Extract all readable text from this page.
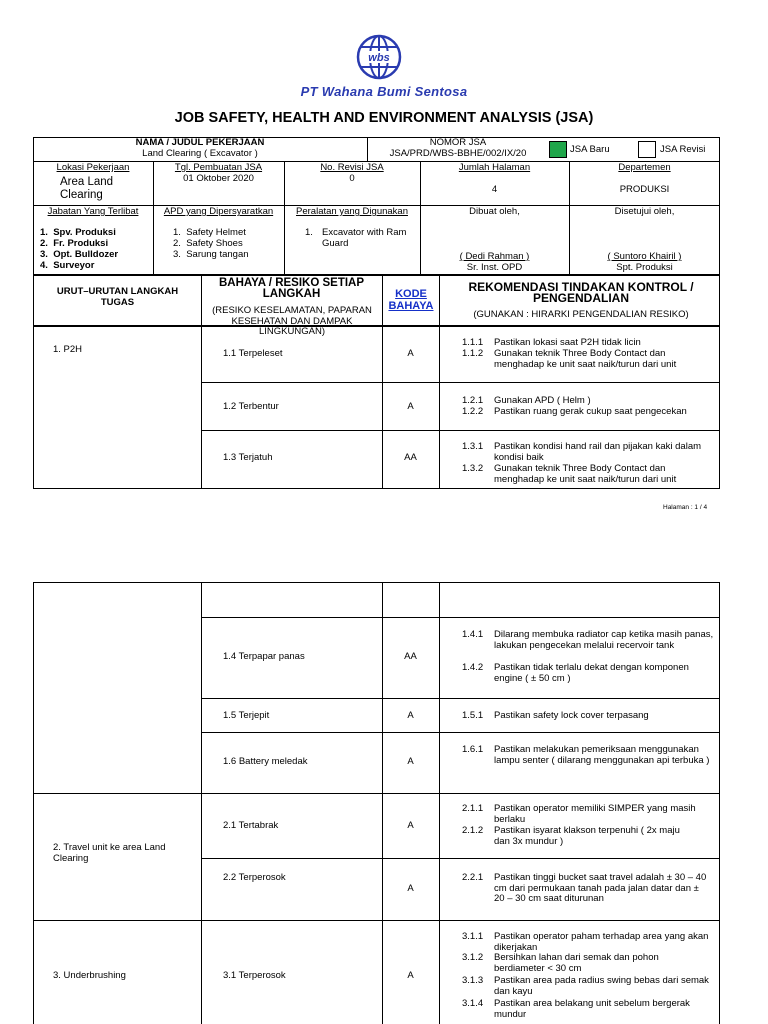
wbs
PT Wahana Bumi Sentosa
JOB SAFETY, HEALTH AND ENVIRONMENT ANALYSIS (JSA)
NAMA / JUDUL PEKERJAAN
Land Clearing ( Excavator )
NOMOR JSA
JSA/PRD/WBS-BBHE/002/IX/20	JSA Baru	JSA Revisi
Lokasi Pekerjaan
Area Land Clearing
Tgl. Pembuatan JSA
01 Oktober 2020
No. Revisi JSA
0
Jumlah Halaman
4
Departemen
PRODUKSI
Jabatan Yang Terlibat
1.  Spv. Produksi
2.  Fr. Produksi
3.  Opt. Bulldozer
4.  Surveyor
APD yang Dipersyaratkan
1.  Safety Helmet
2.  Safety Shoes
3.  Sarung tangan
Peralatan yang Digunakan
1. Excavator with Ram Guard
Dibuat oleh,
( Dedi Rahman )
Sr. Inst. OPD
Disetujui oleh,
( Suntoro Khairil )
Spt. Produksi
URUT–URUTAN LANGKAH TUGAS
BAHAYA / RESIKO SETIAP LANGKAH
(RESIKO KESELAMATAN, PAPARAN KESEHATAN DAN DAMPAK LINGKUNGAN)
KODE BAHAYA
REKOMENDASI TINDAKAN KONTROL / PENGENDALIAN
(GUNAKAN : HIRARKI PENGENDALIAN RESIKO)
1. P2H	1.1 Terpeleset	A
1.1.1 Pastikan lokasi saat P2H tidak licin
1.1.2 Gunakan teknik Three Body Contact dan menghadap ke unit saat naik/turun dari unit
1.2 Terbentur	A
1.2.1 Gunakan APD ( Helm )
1.2.2 Pastikan ruang gerak cukup saat pengecekan
1.3 Terjatuh	AA
1.3.1 Pastikan kondisi hand rail dan pijakan kaki dalam kondisi baik
1.3.2 Gunakan teknik Three Body Contact dan menghadap ke unit saat naik/turun dari unit
Halaman : 1 / 4
1.4 Terpapar panas	AA
1.4.1 Dilarang membuka radiator cap ketika masih panas, lakukan pengecekan melalui recervoir tank
1.4.2 Pastikan tidak terlalu dekat dengan komponen engine ( ± 50 cm )
1.5 Terjepit	A	1.5.1 Pastikan safety lock cover terpasang
1.6 Battery meledak	A
1.6.1 Pastikan melakukan pemeriksaan menggunakan lampu senter ( dilarang menggunakan api terbuka )
2. Travel unit ke area Land Clearing
2.1 Tertabrak	A
2.1.1 Pastikan operator memiliki SIMPER yang masih berlaku
2.1.2 Pastikan isyarat klakson terpenuhi ( 2x maju dan 3x mundur )
2.2 Terperosok
A
2.2.1 Pastikan tinggi bucket saat travel adalah ± 30 – 40 cm dari permukaan tanah pada jalan datar dan ± 20 – 30 cm saat diturunan
3. Underbrushing	3.1 Terperosok	A
3.1.1 Pastikan operator paham terhadap area yang akan dikerjakan
3.1.2 Bersihkan lahan dari semak dan pohon berdiameter < 30 cm
3.1.3 Pastikan area pada radius swing bebas dari semak dan kayu
3.1.4 Pastikan area belakang unit sebelum bergerak mundur
